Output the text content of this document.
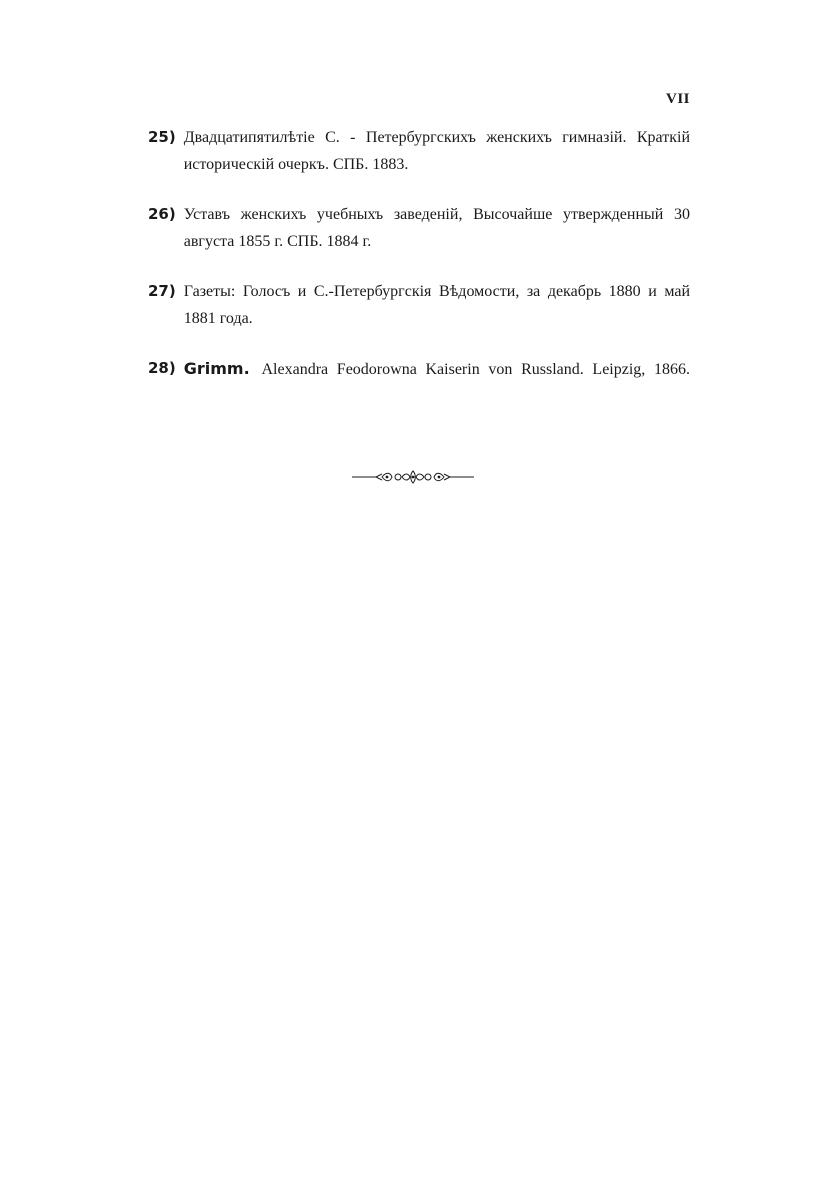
VII
25) Двадцатипятилѣтіе С. - Петербургскихъ женскихъ гимназій. Краткій историческій очеркъ. СПБ. 1883.
26) Уставъ женскихъ учебныхъ заведеній, Высочайше утвержденный 30 августа 1855 г. СПБ. 1884 г.
27) Газеты: Голосъ и С.-Петербургскія Вѣдомости, за декабрь 1880 и май 1881 года.
28) Grimm. Alexandra Feodorowna Kaiserin von Russland. Leipzig, 1866.
